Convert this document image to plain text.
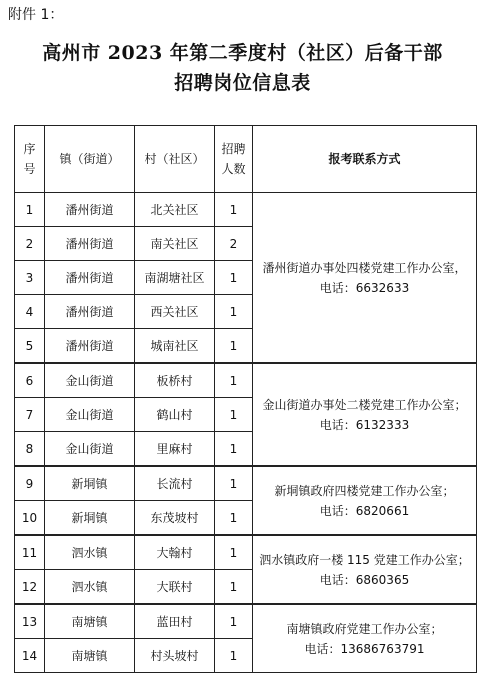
附件 1：
高州市 2023 年第二季度村（社区）后备干部
招聘岗位信息表
序
号	镇（街道）	村（社区）	招聘
人数	报考联系方式
1	潘州街道	北关社区	1	潘州街道办事处四楼党建工作办公室，
电话：6632633

2	潘州街道	南关社区	2	
3	潘州街道	南湖塘社区	1	
4	潘州街道	西关社区	1	
5	潘州街道	城南社区	1	
6	金山街道	板桥村	1	金山街道办事处二楼党建工作办公室；
电话：6132333

7	金山街道	鹤山村	1	
8	金山街道	里麻村	1	
9	新垌镇	长流村	1	新垌镇政府四楼党建工作办公室；
电话：6820661

10	新垌镇	东茂坡村	1	
11	泗水镇	大翰村	1	泗水镇政府一楼 115 党建工作办公室；
电话：6860365

12	泗水镇	大联村	1	
13	南塘镇	蓝田村	1	南塘镇政府党建工作办公室；
电话：13686763791

14	南塘镇	村头坡村	1	
